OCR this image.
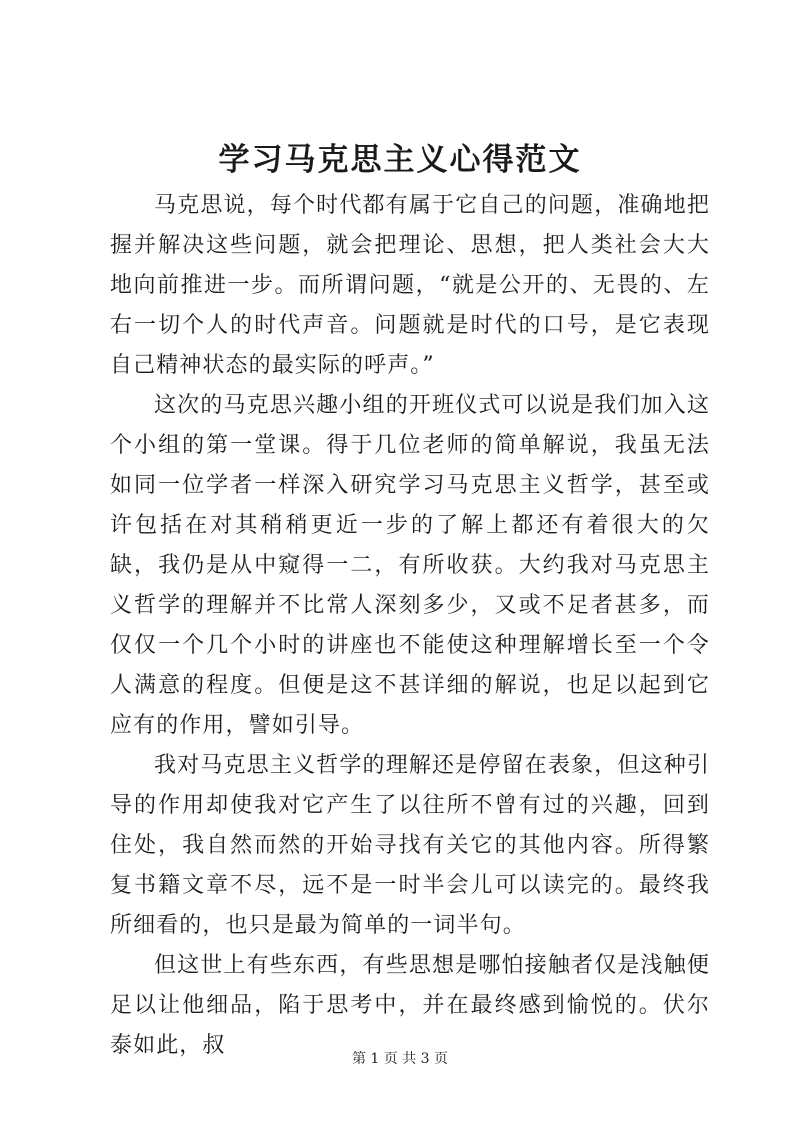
学习马克思主义心得范文

马克思说，每个时代都有属于它自己的问题，准确地把握并解决这些问题，就会把理论、思想，把人类社会大大地向前推进一步。而所谓问题，“就是公开的、无畏的、左右一切个人的时代声音。问题就是时代的口号，是它表现自己精神状态的最实际的呼声。”

这次的马克思兴趣小组的开班仪式可以说是我们加入这个小组的第一堂课。得于几位老师的简单解说，我虽无法如同一位学者一样深入研究学习马克思主义哲学，甚至或许包括在对其稍稍更近一步的了解上都还有着很大的欠缺，我仍是从中窥得一二，有所收获。大约我对马克思主义哲学的理解并不比常人深刻多少，又或不足者甚多，而仅仅一个几个小时的讲座也不能使这种理解增长至一个令人满意的程度。但便是这不甚详细的解说，也足以起到它应有的作用，譬如引导。

我对马克思主义哲学的理解还是停留在表象，但这种引导的作用却使我对它产生了以往所不曾有过的兴趣，回到住处，我自然而然的开始寻找有关它的其他内容。所得繁复书籍文章不尽，远不是一时半会儿可以读完的。最终我所细看的，也只是最为简单的一词半句。

但这世上有些东西，有些思想是哪怕接触者仅是浅触便足以让他细品，陷于思考中，并在最终感到愉悦的。伏尔泰如此，叔

第 1 页 共 3 页
